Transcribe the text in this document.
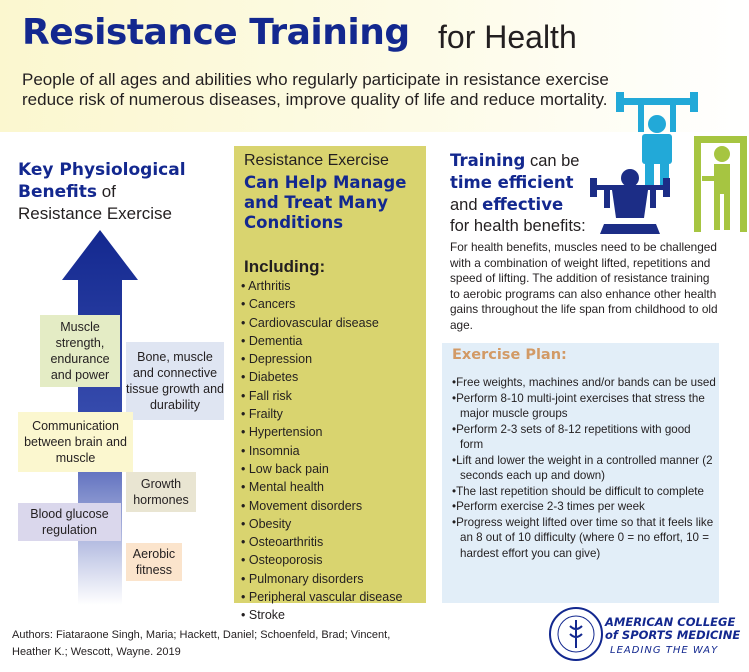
Resistance Training for Health
People of all ages and abilities who regularly participate in resistance exercise reduce risk of numerous diseases, improve quality of life and reduce mortality.
Key Physiological Benefits of
Resistance Exercise
Muscle strength, endurance and power
Bone, muscle and connective tissue growth and durability
Communication between brain and muscle
Growth hormones
Blood glucose regulation
Aerobic fitness
Resistance Exercise
Can Help Manage and Treat Many Conditions
Including:
• Arthritis
• Cancers
• Cardiovascular disease
• Dementia
• Depression
• Diabetes
• Fall risk
• Frailty
• Hypertension
• Insomnia
• Low back pain
• Mental health
• Movement disorders
• Obesity
• Osteoarthritis
• Osteoporosis
• Pulmonary disorders
• Peripheral vascular disease
• Stroke
Training can be
time efficient
and effective
for health benefits:
For health benefits, muscles need to be challenged with a combination of weight lifted, repetitions and speed of lifting. The addition of resistance training to aerobic programs can also enhance other health gains throughout the life span from childhood to old age.
Exercise Plan:
• Free weights, machines and/or bands can be used
• Perform 8-10 multi-joint exercises that stress the major muscle groups
• Perform 2-3 sets of 8-12 repetitions with good form
• Lift and lower the weight in a controlled manner (2 seconds each up and down)
• The last repetition should be difficult to complete
• Perform exercise 2-3 times per week
• Progress weight lifted over time so that it feels like an 8 out of 10 difficulty (where 0 = no effort, 10 = hardest effort you can give)
Authors: Fiataraone Singh, Maria; Hackett, Daniel; Schoenfeld, Brad; Vincent, Heather K.; Wescott, Wayne. 2019
AMERICAN COLLEGE
of SPORTS MEDICINE
LEADING THE WAY
